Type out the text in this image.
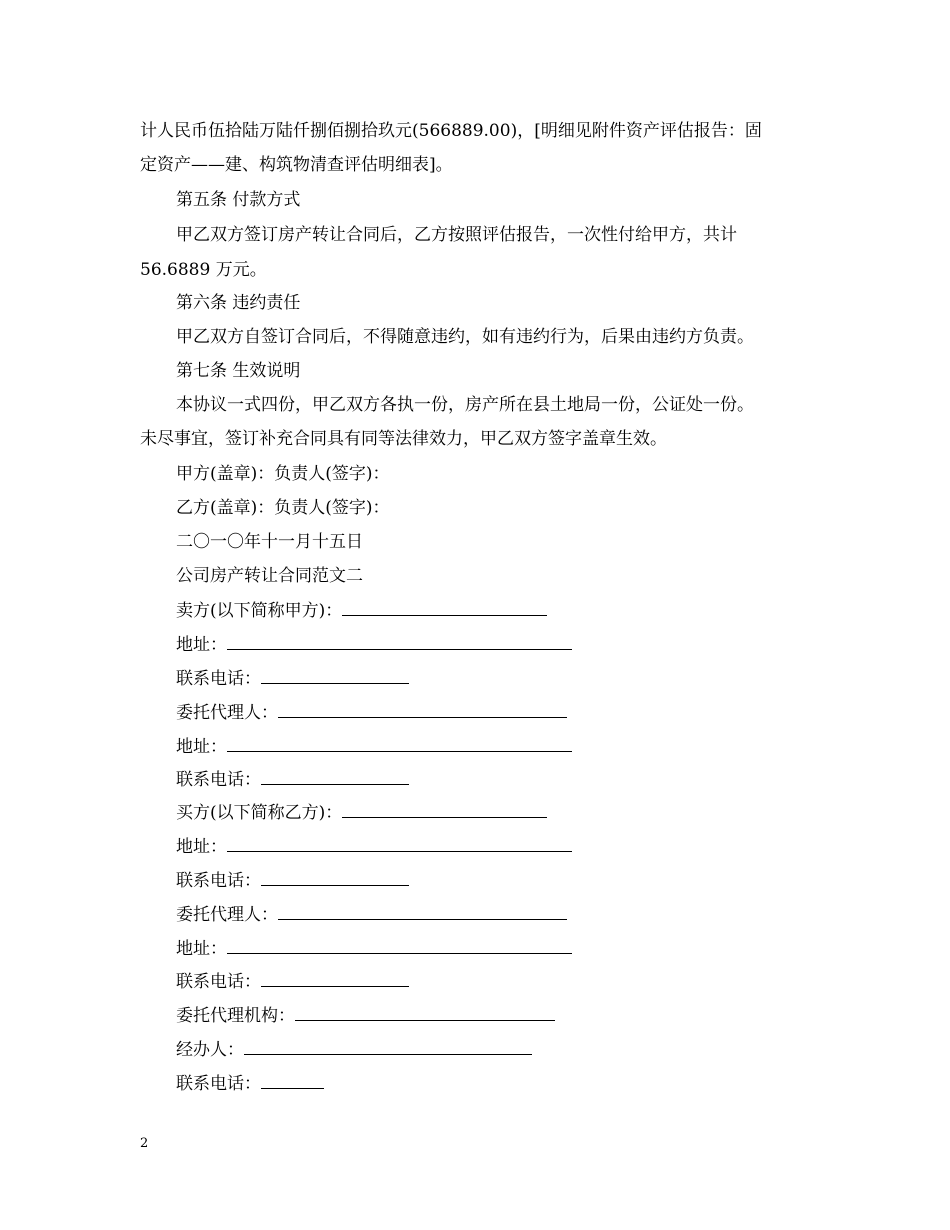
计人民币伍拾陆万陆仟捌佰捌拾玖元(566889.00)，[明细见附件资产评估报告：固
定资产——建、构筑物清查评估明细表]。
第五条 付款方式
甲乙双方签订房产转让合同后，乙方按照评估报告，一次性付给甲方，共计
56.6889 万元。
第六条 违约责任
甲乙双方自签订合同后，不得随意违约，如有违约行为，后果由违约方负责。
第七条 生效说明
本协议一式四份，甲乙双方各执一份，房产所在县土地局一份，公证处一份。
未尽事宜，签订补充合同具有同等法律效力，甲乙双方签字盖章生效。
甲方(盖章)：负责人(签字)：
乙方(盖章)：负责人(签字)：
二〇一〇年十一月十五日
公司房产转让合同范文二
卖方(以下简称甲方)：
地址：
联系电话：
委托代理人：
地址：
联系电话：
买方(以下简称乙方)：
地址：
联系电话：
委托代理人：
地址：
联系电话：
委托代理机构：
经办人：
联系电话：
2
